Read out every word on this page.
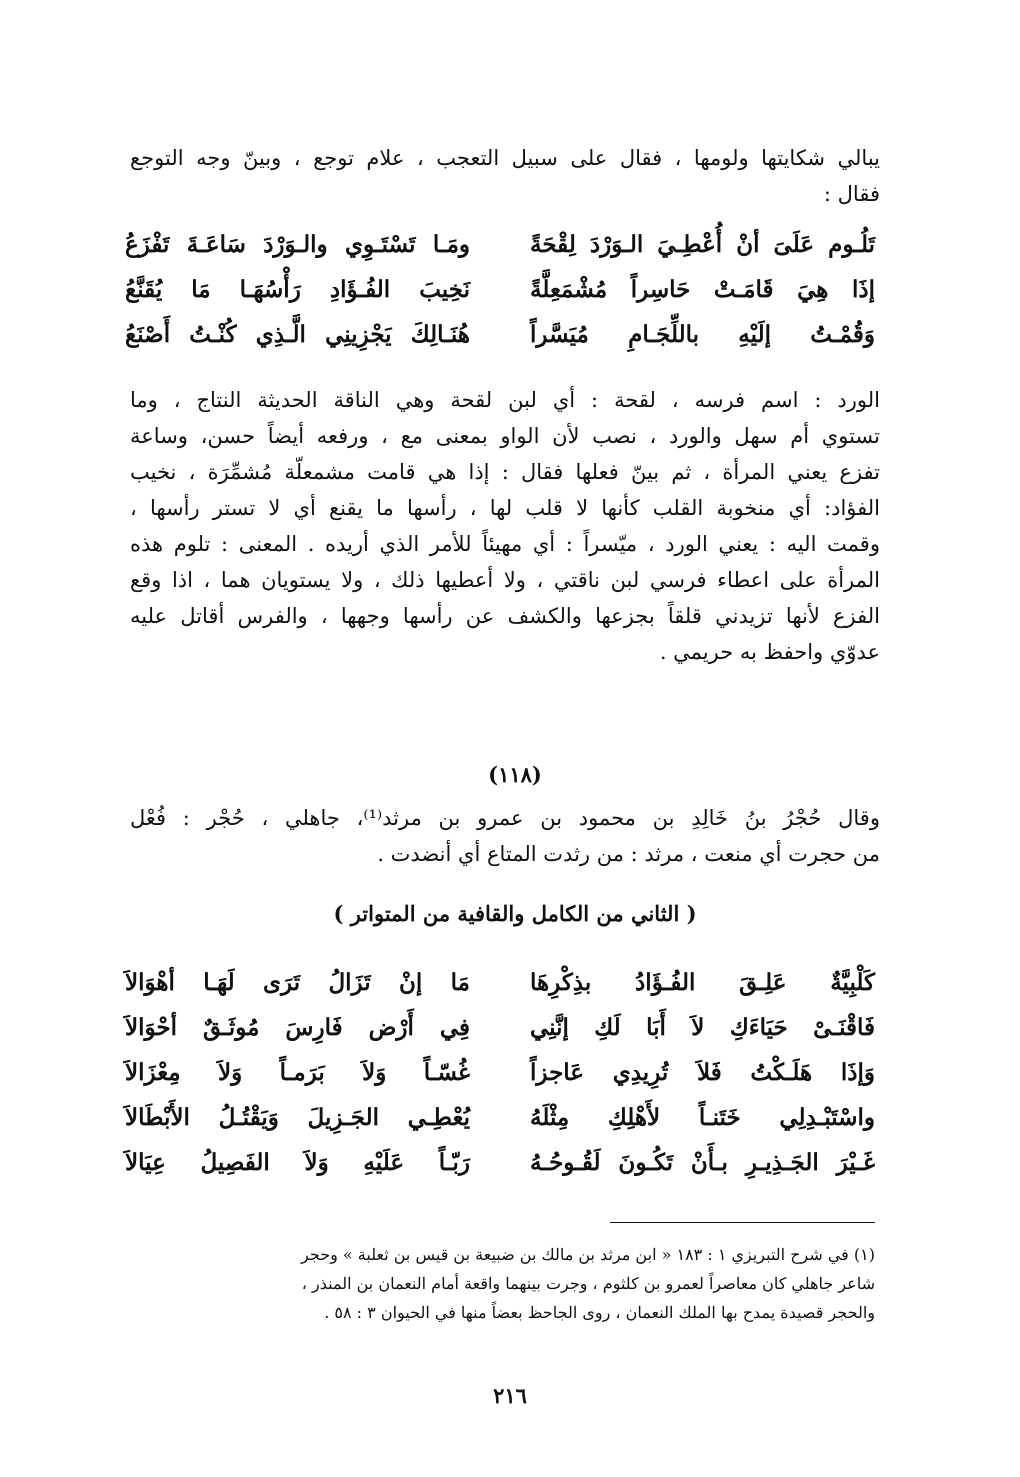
يبالي شكايتها ولومها ، فقال على سبيل التعجب ، علام توجع ، وبينّ وجه التوجع
فقال :

تَلُـوم عَلَىَ أنْ أُعْطِـيَ الـوَرْدَ لِقْحَةً
ومَـا تَسْتَـوِي والـوَرْدَ سَاعَـةَ تَفْزَعُ
إذَا هِيَ قَامَـتْ حَاسِراً مُشْمَعِلَّةً
نَخِيبَ الفُـؤَادِ رَأْسُهَـا مَا يُقَنَّعُ
وَقُمْـتُ إلَيْهِ باللِّجَـامِ مُيَسَّراً
هُنَـالِكَ يَجْزِينِي الَّـذِي كُنْـتُ أَصْنَعُ

الورد : اسم فرسه ، لقحة : أي لبن لقحة وهي الناقة الحديثة النتاج ، وما
تستوي أم سهل والورد ، نصب لأن الواو بمعنى مع ، ورفعه أيضاً حسن، وساعة
تفزع يعني المرأة ، ثم بينّ فعلها فقال : إذا هي قامت مشمعلّة مُشمِّرَة ، نخيب
الفؤاد: أي منخوبة القلب كأنها لا قلب لها ، رأسها ما يقنع أي لا تستر رأسها ،
وقمت اليه : يعني الورد ، ميّسراً : أي مهيئاً للأمر الذي أريده . المعنى : تلوم هذه
المرأة على اعطاء فرسي لبن ناقتي ، ولا أعطيها ذلك ، ولا يستويان هما ، اذا وقع
الفزع لأنها تزيدني قلقاً بجزعها والكشف عن رأسها وجهها ، والفرس أقاتل عليه
عدوّي واحفظ به حريمي .

(١١٨)

وقال حُجْرُ بنُ خَالِدِ بن محمود بن عمرو بن مرثد⁽¹⁾، جاهلي ، حُجْر : فُعْل
من حجرت أي منعت ، مرثد : من رثدت المتاع أي أنضدت .

( الثاني من الكامل والقافية من المتواتر )

كَلْبِيَّةٌ عَلِـقَ الفُـؤَادُ بذِكْرِهَا
مَا إنْ تَزَالُ تَرَى لَهَـا أهْوَالاَ
فَاقْنَـىْ حَيَاءَكِ لاَ أَبَا لَكِ إنَّنِي
فِي أَرْض فَارِسَ مُوثَـقٌ أحْوَالاَ
وَإذَا هَلَـكْتُ فَلاَ تُرِيدِي عَاجزاً
غُسّـاً وَلاَ بَرَمـاً وَلاَ مِعْزَالاَ
واسْتَبْـدِلِي خَتَنـاً لأَهْلِكِ مِثْلَهُ
يُعْطِـي الجَـزِيلَ وَيَقْتُـلُ الأَبْطَالاَ
غَـيْرَ الجَـذِيـرِ بـأَنْ تَكُـونَ لَقُـوحُـهُ
رَبّـاً عَلَيْهِ وَلاَ الفَصِيلُ عِيَالاَ

(١) في شرح التبريزي ١ : ١٨٣ « ابن مرثد بن مالك بن ضبيعة بن قيس بن ثعلبة » وحجر
شاعر جاهلي كان معاصراً لعمرو بن كلثوم ، وجرت بينهما واقعة أمام النعمان بن المنذر ،
والحجر قصيدة يمدح بها الملك النعمان ، روى الجاحظ بعضاً منها في الحيوان ٣ : ٥٨ .

٢١٦
